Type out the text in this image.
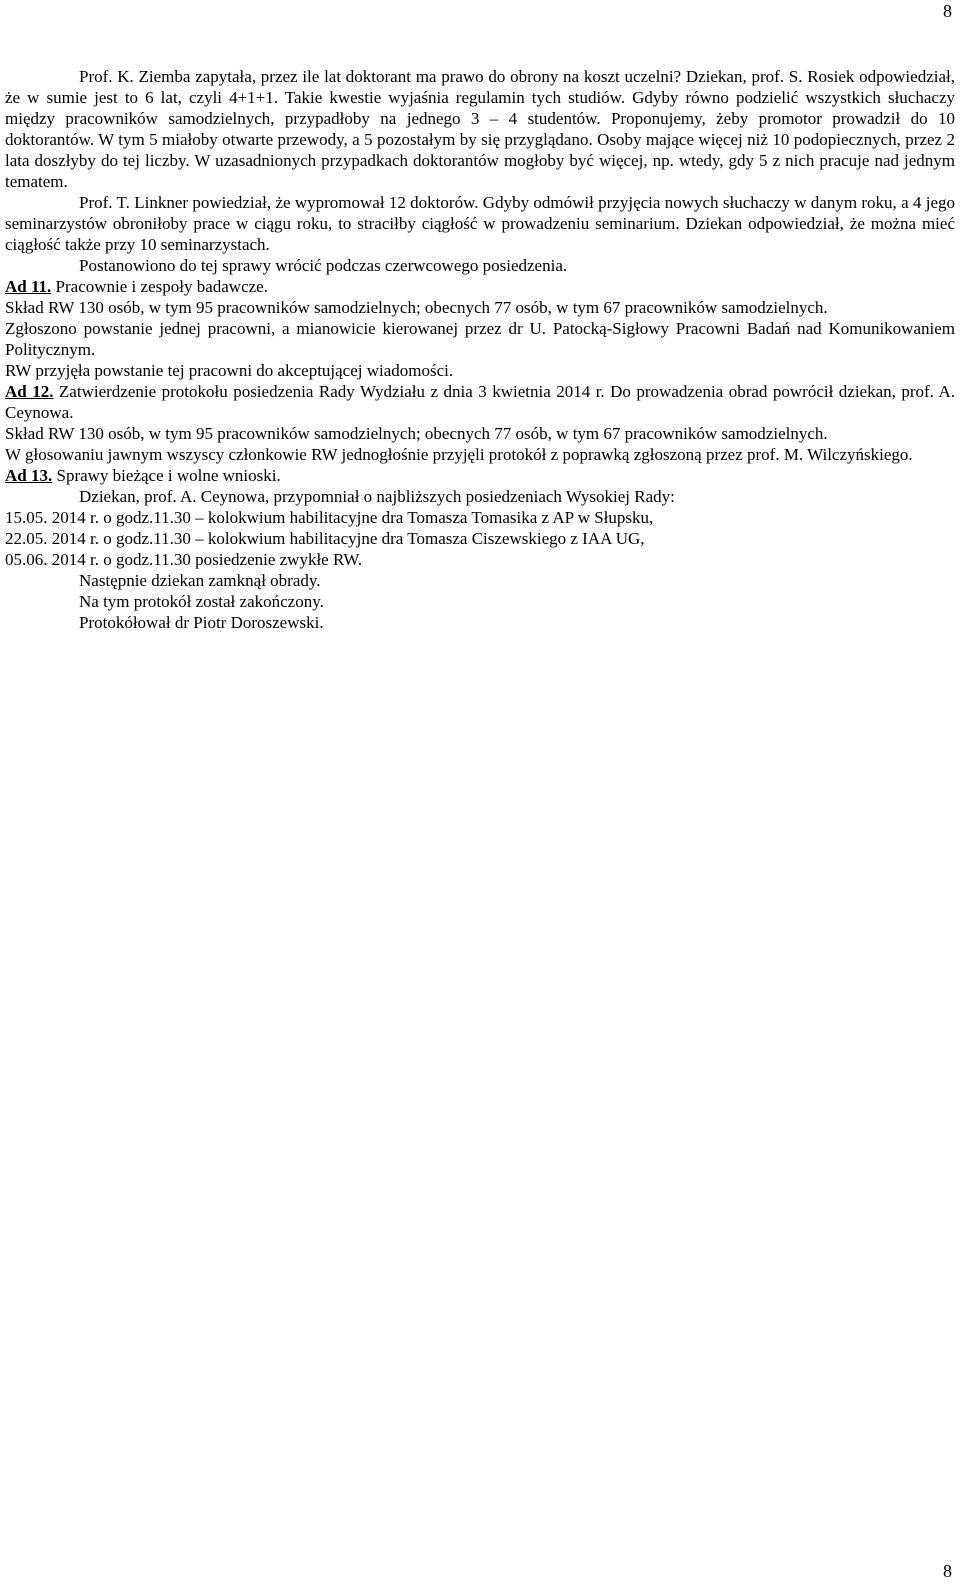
8

Prof. K. Ziemba zapytała, przez ile lat doktorant ma prawo do obrony na koszt uczelni? Dziekan, prof. S. Rosiek odpowiedział, że w sumie jest to 6 lat, czyli 4+1+1. Takie kwestie wyjaśnia regulamin tych studiów. Gdyby równo podzielić wszystkich słuchaczy między pracowników samodzielnych, przypadłoby na jednego 3 – 4 studentów. Proponujemy, żeby promotor prowadził do 10 doktorantów. W tym 5 miałoby otwarte przewody, a 5 pozostałym by się przyglądano. Osoby mające więcej niż 10 podopiecznych, przez 2 lata doszłyby do tej liczby. W uzasadnionych przypadkach doktorantów mogłoby być więcej, np. wtedy, gdy 5 z nich pracuje nad jednym tematem.

Prof. T. Linkner powiedział, że wypromował 12 doktorów. Gdyby odmówił przyjęcia nowych słuchaczy w danym roku, a 4 jego seminarzystów obroniłoby prace w ciągu roku, to straciłby ciągłość w prowadzeniu seminarium. Dziekan odpowiedział, że można mieć ciągłość także przy 10 seminarzystach.

Postanowiono do tej sprawy wrócić podczas czerwcowego posiedzenia.

Ad 11. Pracownie i zespoły badawcze.

Skład RW 130 osób, w tym 95 pracowników samodzielnych; obecnych 77 osób, w tym 67 pracowników samodzielnych.

Zgłoszono powstanie jednej pracowni, a mianowicie kierowanej przez dr U. Patocką-Sigłowy Pracowni Badań nad Komunikowaniem Politycznym.

RW przyjęła powstanie tej pracowni do akceptującej wiadomości.

Ad 12. Zatwierdzenie protokołu posiedzenia Rady Wydziału z dnia 3 kwietnia 2014 r. Do prowadzenia obrad powrócił dziekan, prof. A. Ceynowa.

Skład RW 130 osób, w tym 95 pracowników samodzielnych; obecnych 77 osób, w tym 67 pracowników samodzielnych.

W głosowaniu jawnym wszyscy członkowie RW jednogłośnie przyjęli protokół z poprawką zgłoszoną przez prof. M. Wilczyńskiego.

Ad 13. Sprawy bieżące i wolne wnioski.

Dziekan, prof. A. Ceynowa, przypomniał o najbliższych posiedzeniach Wysokiej Rady:

15.05. 2014 r. o godz.11.30 – kolokwium habilitacyjne dra Tomasza Tomasika z AP w Słupsku,

22.05. 2014 r. o godz.11.30 – kolokwium habilitacyjne dra Tomasza Ciszewskiego z IAA UG,

05.06. 2014 r. o godz.11.30 posiedzenie zwykłe RW.

Następnie dziekan zamknął obrady.

Na tym protokół został zakończony.

Protokółował dr Piotr Doroszewski.

8
